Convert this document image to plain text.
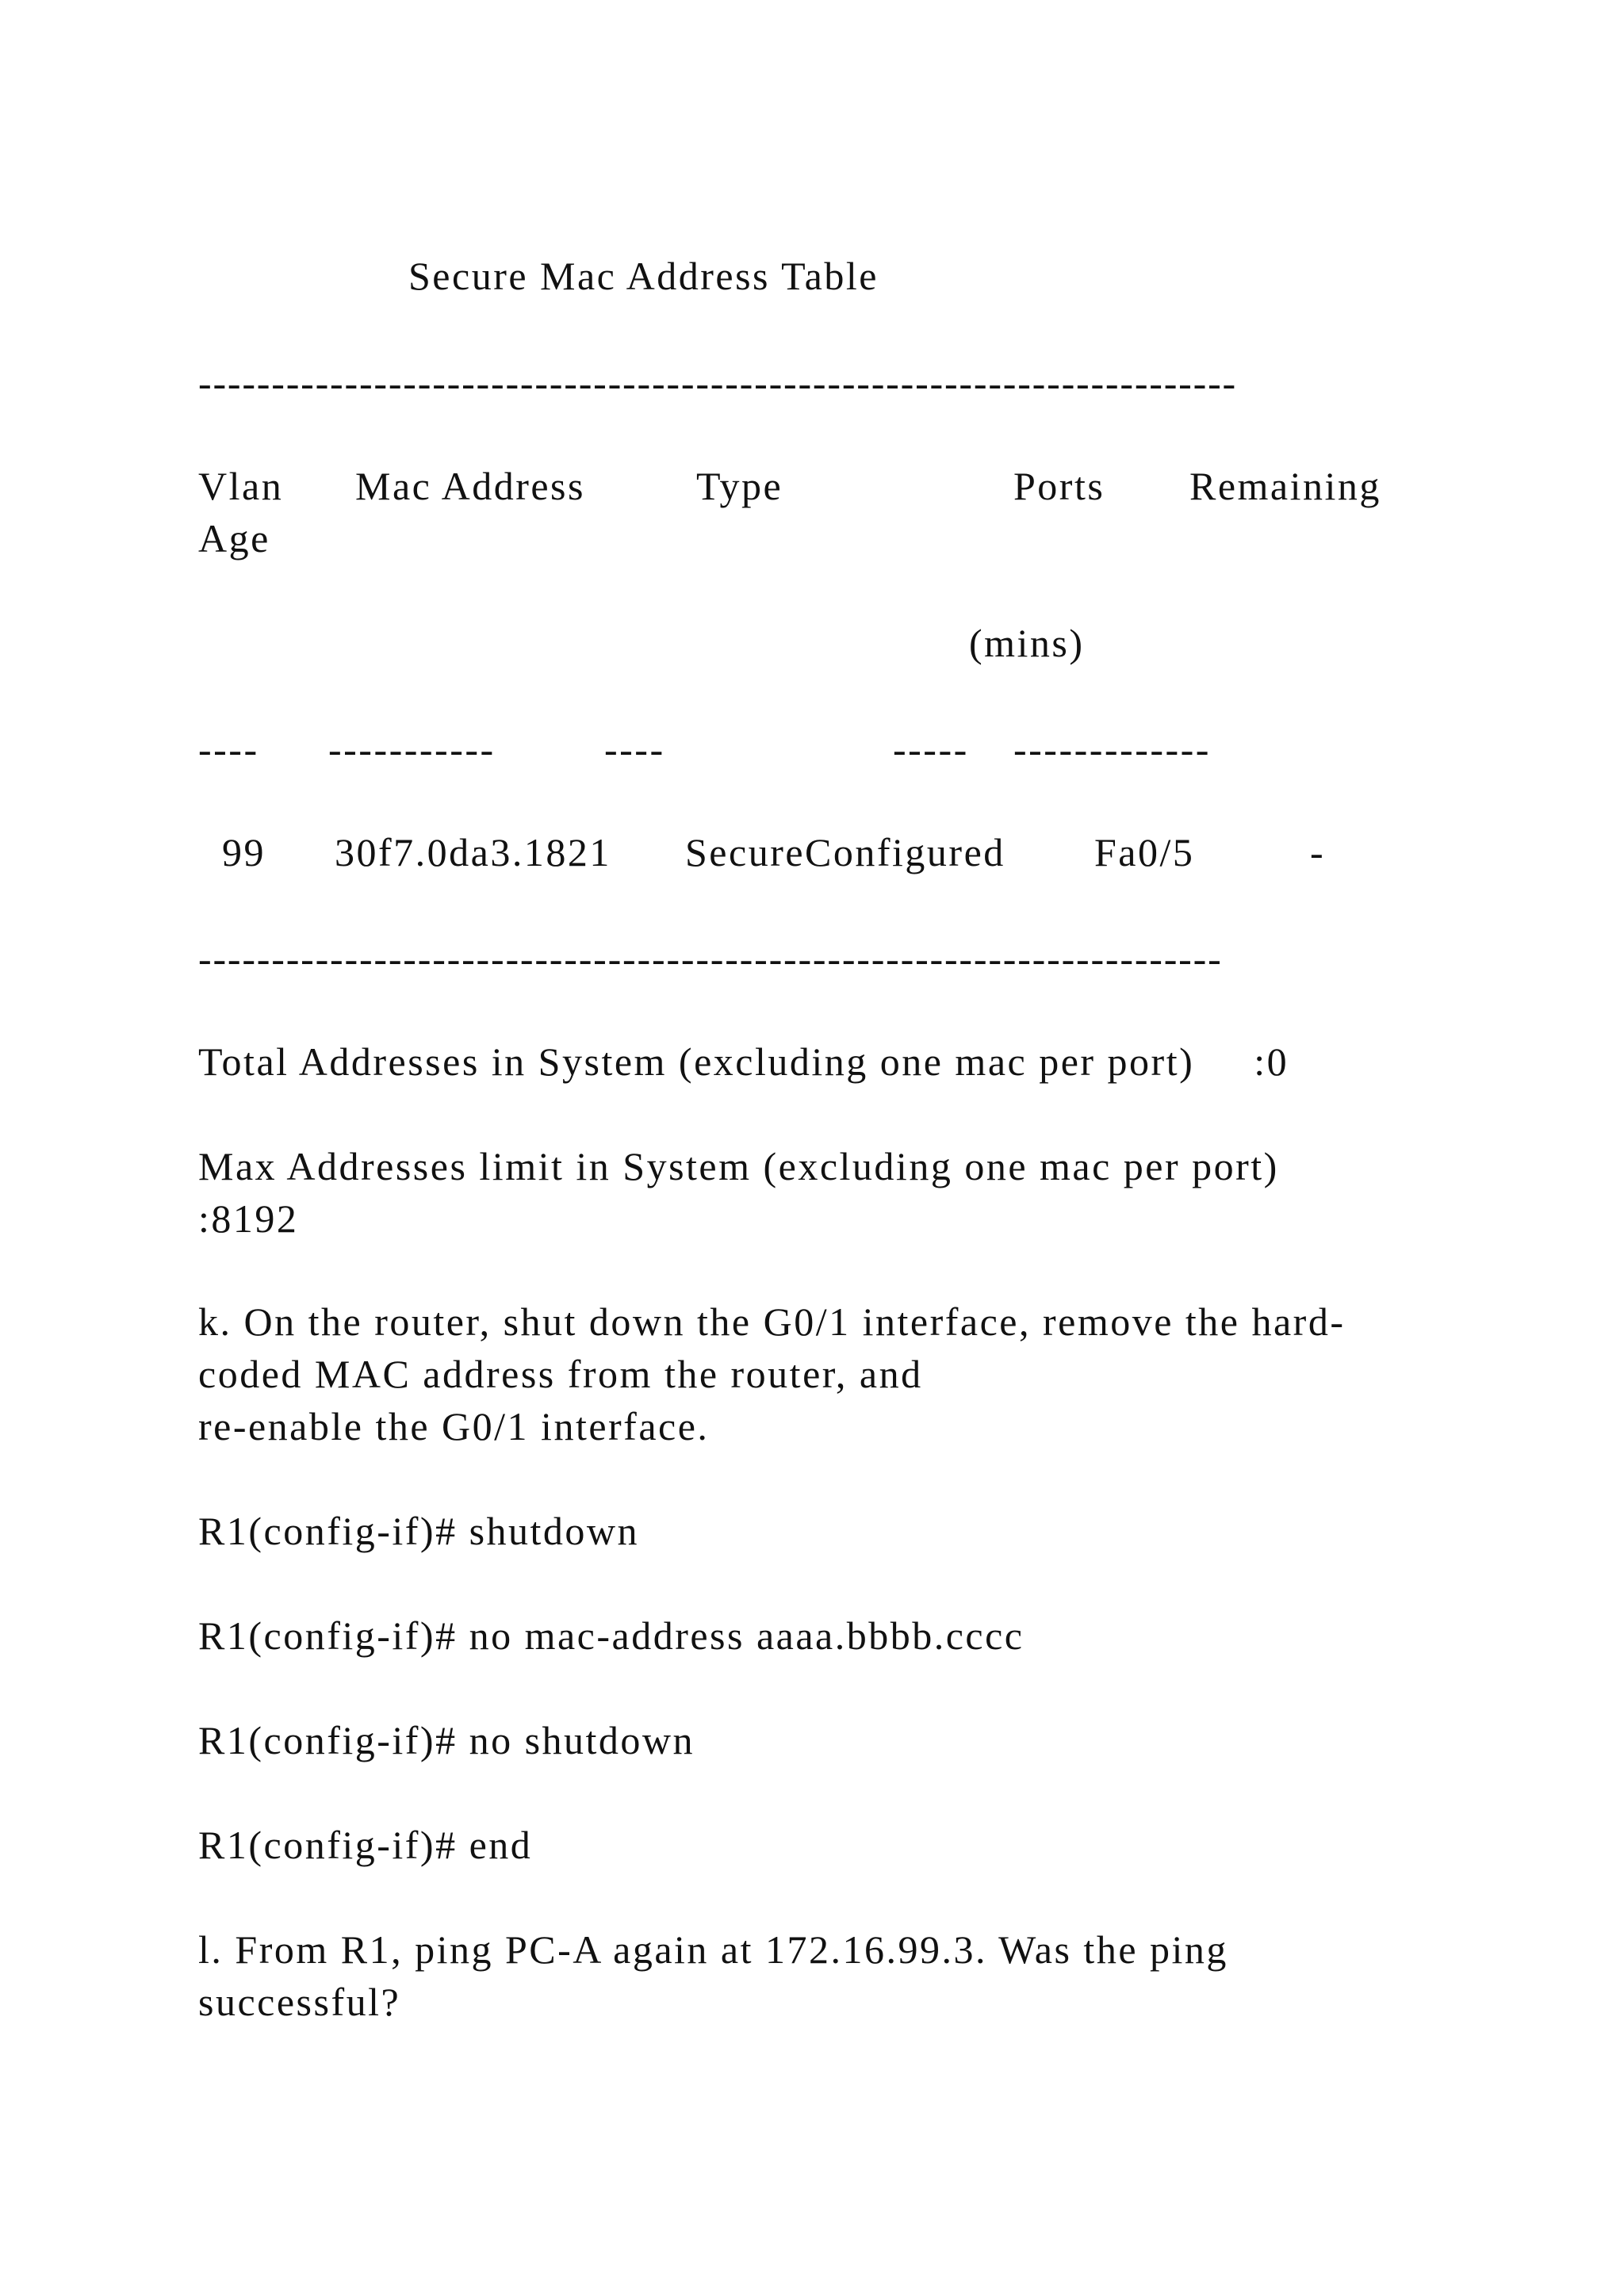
Secure Mac Address Table
-----------------------------------------------------------------------
Vlan Mac Address	Type	Ports Remaining
Age
(mins)
---- -----------	----	----- -------------
99 30f7.0da3.1821 SecureConfigured Fa0/5	-
----------------------------------------------------------------------
Total Addresses in System (excluding one mac per port)     :0
Max Addresses limit in System (excluding one mac per port)
:8192
k. On the router, shut down the G0/1 interface, remove the hard-
coded MAC address from the router, and
re-enable the G0/1 interface.
R1(config-if)# shutdown
R1(config-if)# no mac-address aaaa.bbbb.cccc
R1(config-if)# no shutdown
R1(config-if)# end
l. From R1, ping PC-A again at 172.16.99.3. Was the ping
successful?
